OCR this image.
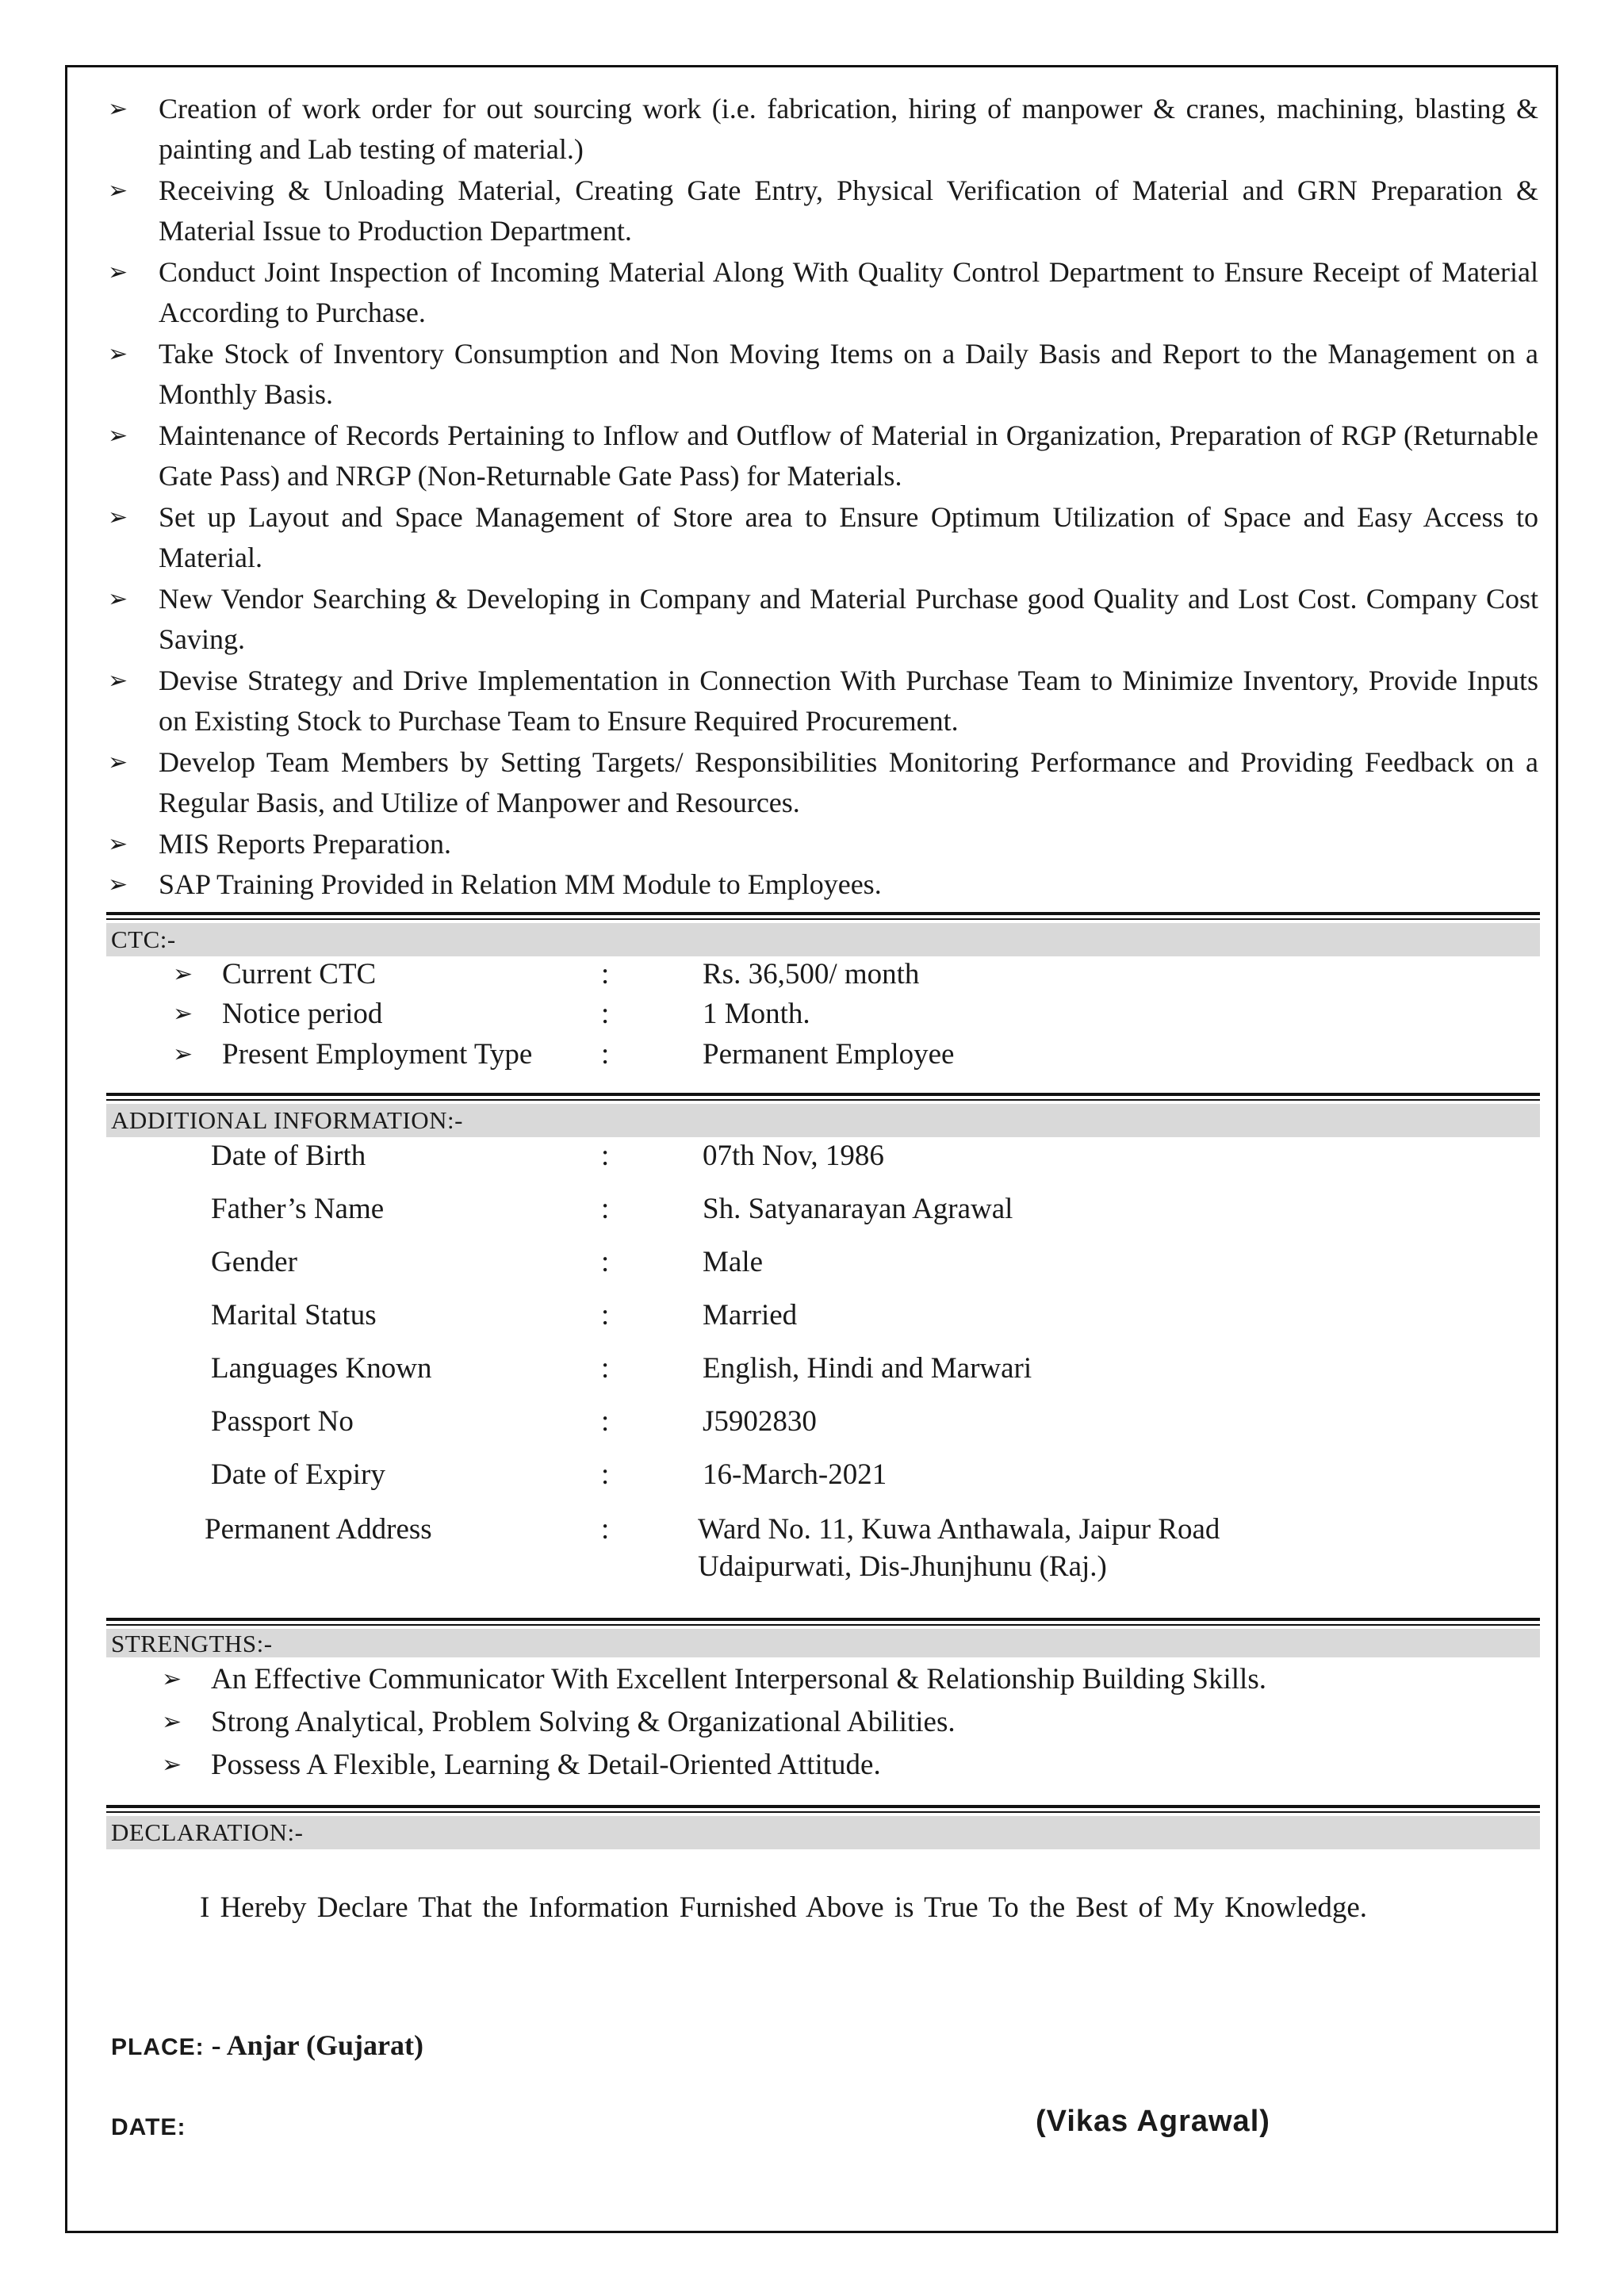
➢ Creation of work order for out sourcing work (i.e. fabrication, hiring of manpower & cranes, machining, blasting & painting and Lab testing of material.)
➢ Receiving & Unloading Material, Creating Gate Entry, Physical Verification of Material and GRN Preparation & Material Issue to Production Department.
➢ Conduct Joint Inspection of Incoming Material Along With Quality Control Department to Ensure Receipt of Material According to Purchase.
➢ Take Stock of Inventory Consumption and Non Moving Items on a Daily Basis and Report to the Management on a Monthly Basis.
➢ Maintenance of Records Pertaining to Inflow and Outflow of Material in Organization, Preparation of RGP (Returnable Gate Pass) and NRGP (Non-Returnable Gate Pass) for Materials.
➢ Set up Layout and Space Management of Store area to Ensure Optimum Utilization of Space and Easy Access to Material.
➢ New Vendor Searching & Developing in Company and Material Purchase good Quality and Lost Cost. Company Cost Saving.
➢ Devise Strategy and Drive Implementation in Connection With Purchase Team to Minimize Inventory, Provide Inputs on Existing Stock to Purchase Team to Ensure Required Procurement.
➢ Develop Team Members by Setting Targets/ Responsibilities Monitoring Performance and Providing Feedback on a Regular Basis, and Utilize of Manpower and Resources.
➢ MIS Reports Preparation.
➢ SAP Training Provided in Relation MM Module to Employees.
CTC:-
➢ Current CTC	:	Rs. 36,500/ month
➢ Notice period	:	1 Month.
➢ Present Employment Type :	Permanent Employee
ADDITIONAL INFORMATION:-
Date of Birth	:	07th Nov, 1986
Father’s Name	:	Sh. Satyanarayan Agrawal
Gender	:	Male
Marital Status	:	Married
Languages Known	:	English, Hindi and Marwari
Passport No	:	J5902830
Date of Expiry	:	16-March-2021
Permanent Address	:	Ward No. 11, Kuwa Anthawala, Jaipur Road
Udaipurwati, Dis-Jhunjhunu (Raj.)
STRENGTHS:-
➢ An Effective Communicator With Excellent Interpersonal & Relationship Building Skills.
➢ Strong Analytical, Problem Solving & Organizational Abilities.
➢ Possess A Flexible, Learning & Detail-Oriented Attitude.
DECLARATION:-
I Hereby Declare That the Information Furnished Above is True To the Best of My Knowledge.
PLACE: - Anjar (Gujarat)
DATE:	(Vikas Agrawal)
